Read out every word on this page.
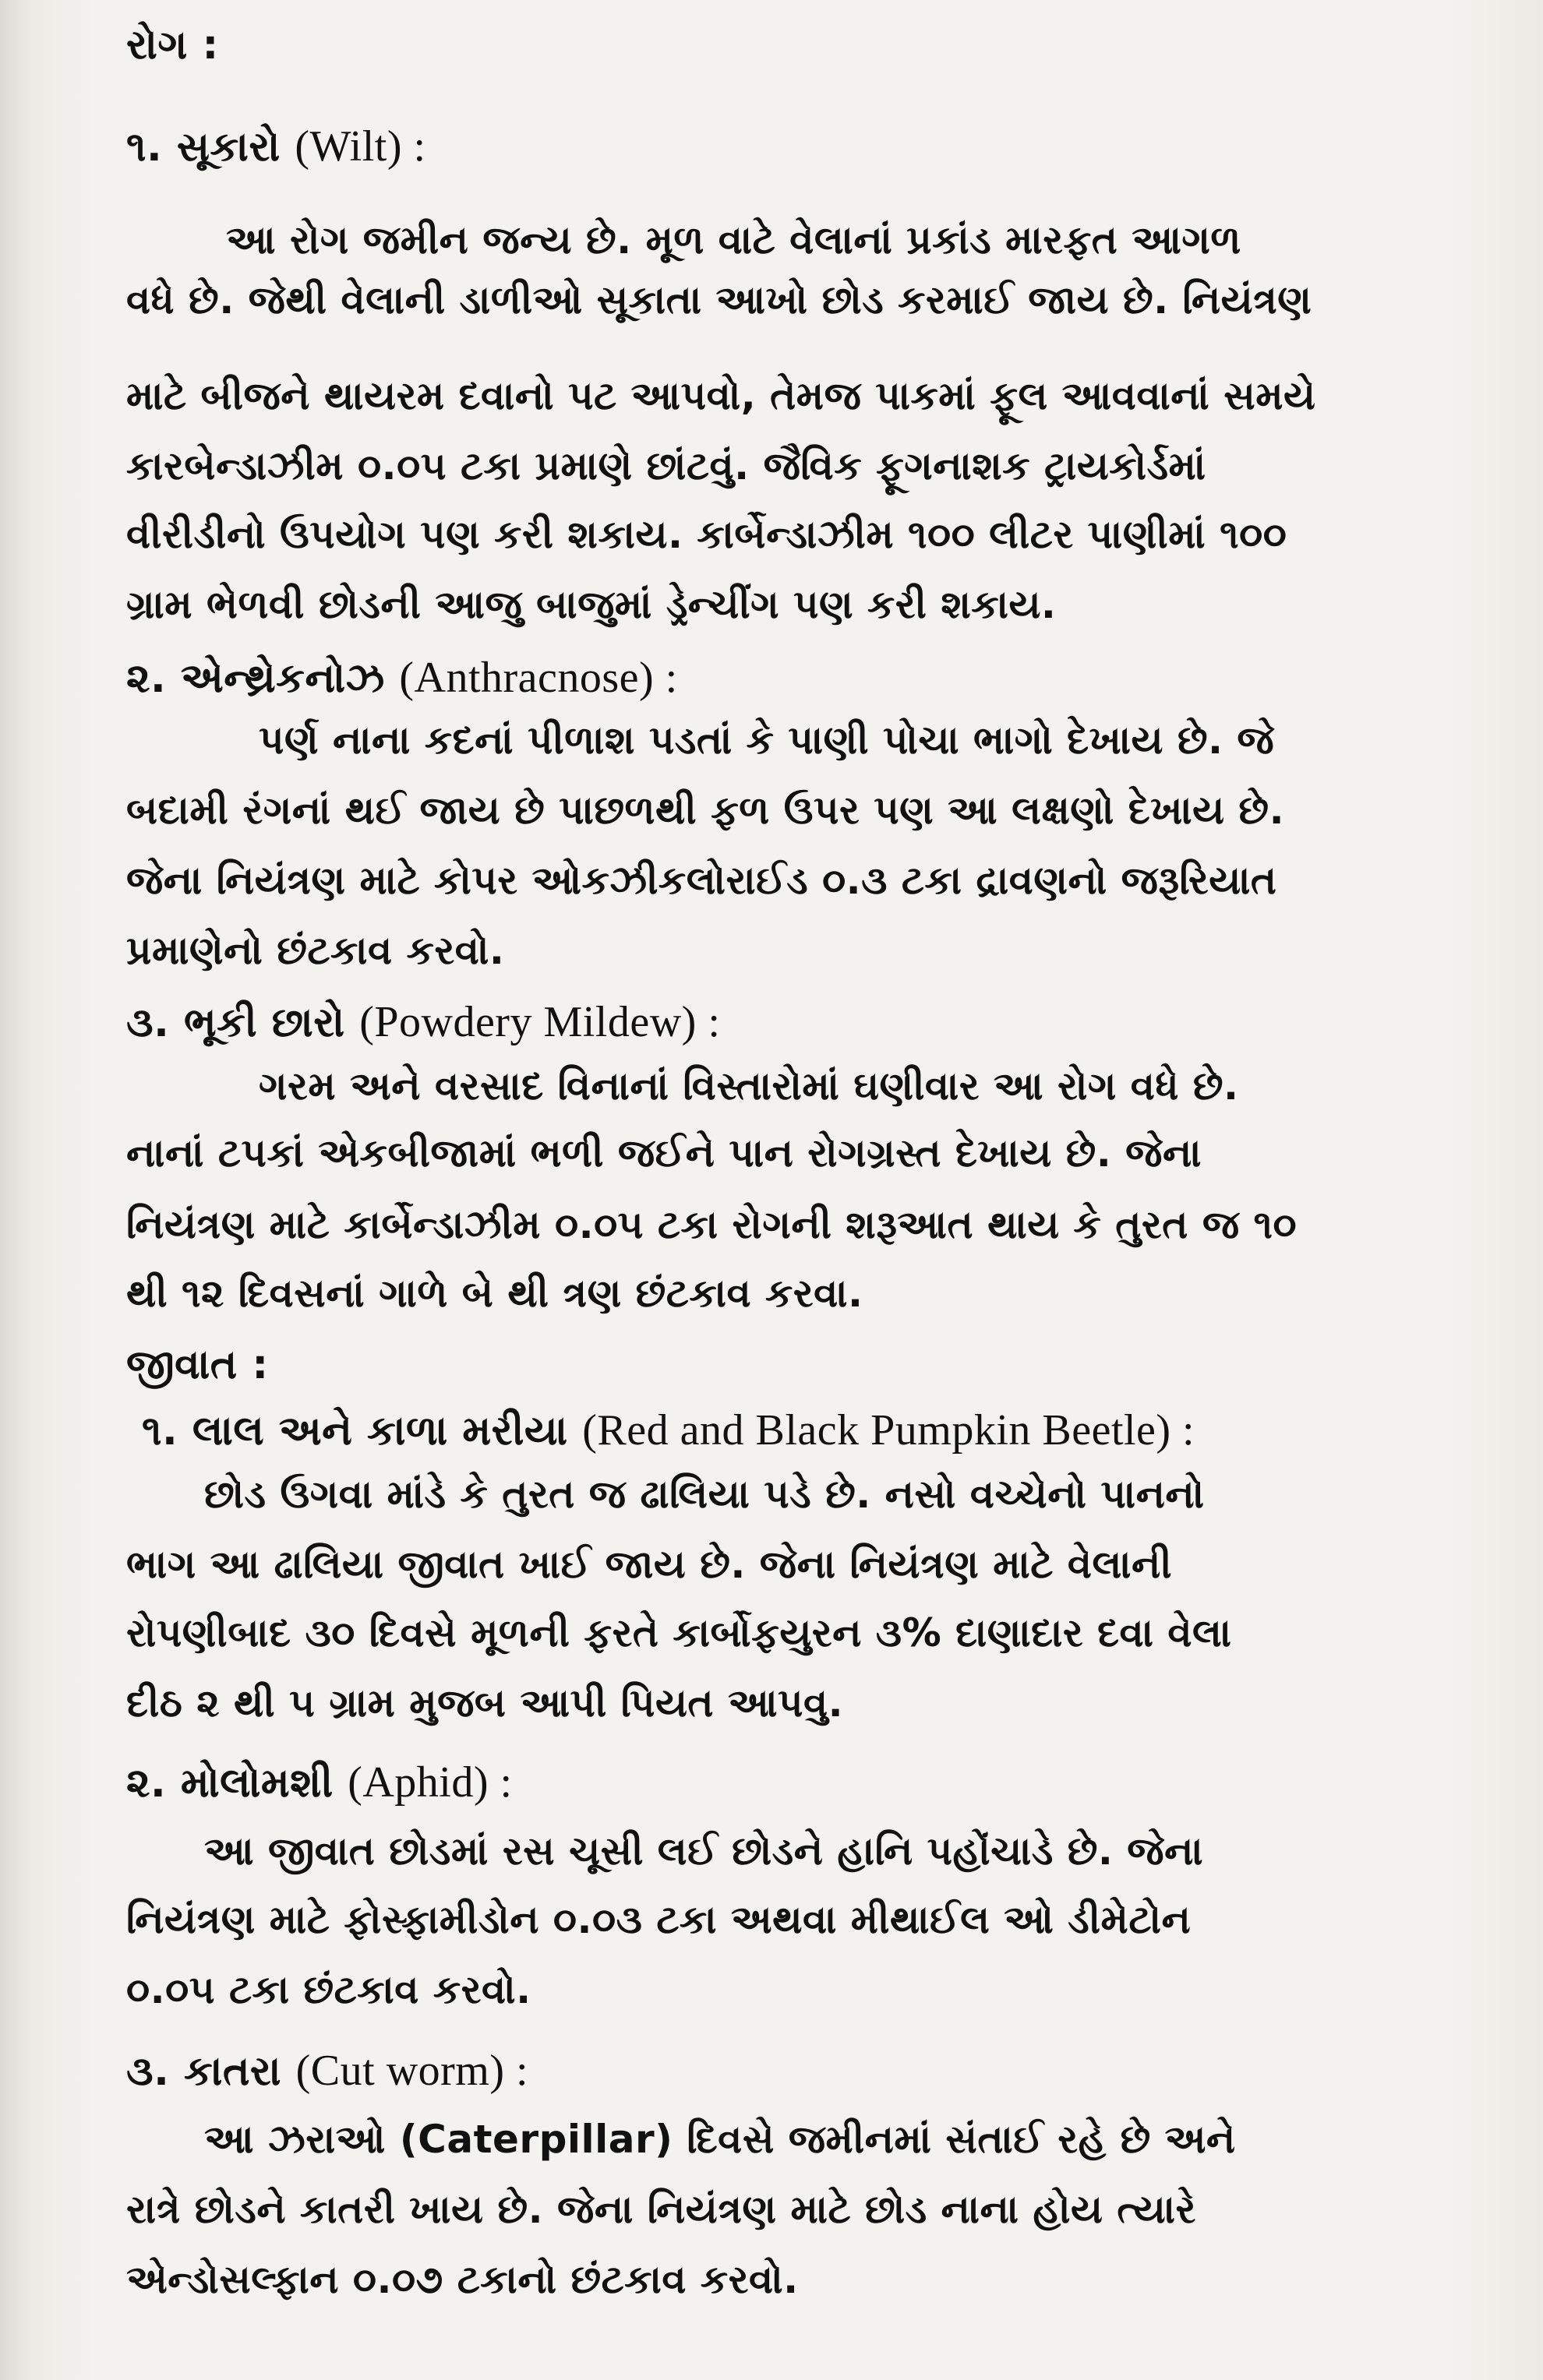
રોગ :
૧. સૂકારો (Wilt) :
આ રોગ જમીન જન્ય છે. મૂળ વાટે વેલાનાં પ્રકાંડ મારફત આગળ
વધે છે. જેથી વેલાની ડાળીઓ સૂકાતા આખો છોડ કરમાઈ જાય છે. નિયંત્રણ
માટે બીજને થાયરમ દવાનો પટ આપવો, તેમજ પાકમાં ફૂલ આવવાનાં સમયે
કારબેન્ડાઝીમ ૦.૦૫ ટકા પ્રમાણે છાંટવું. જૈવિક ફૂગનાશક ટ્રાયકોર્ડમાં
વીરીડીનો ઉપયોગ પણ કરી શકાય. કાર્બેન્ડાઝીમ ૧૦૦ લીટર પાણીમાં ૧૦૦
ગ્રામ ભેળવી છોડની આજુ બાજુમાં ડ્રેન્ચીંગ પણ કરી શકાય.
૨. એન્થ્રેકનોઝ (Anthracnose) :
પર્ણ નાના કદનાં પીળાશ પડતાં કે પાણી પોચા ભાગો દેખાય છે. જે
બદામી રંગનાં થઈ જાય છે પાછળથી ફળ ઉપર પણ આ લક્ષણો દેખાય છે.
જેના નિયંત્રણ માટે કોપર ઓકઝીકલોરાઈડ ૦.૩ ટકા દ્રાવણનો જરૂરિયાત
પ્રમાણેનો છંટકાવ કરવો.
૩. ભૂકી છારો (Powdery Mildew) :
ગરમ અને વરસાદ વિનાનાં વિસ્તારોમાં ઘણીવાર આ રોગ વધે છે.
નાનાં ટપકાં એકબીજામાં ભળી જઈને પાન રોગગ્રસ્ત દેખાય છે. જેના
નિયંત્રણ માટે કાર્બેન્ડાઝીમ ૦.૦૫ ટકા રોગની શરૂઆત થાય કે તુરત જ ૧૦
થી ૧૨ દિવસનાં ગાળે બે થી ત્રણ છંટકાવ કરવા.
જીવાત :
૧. લાલ અને કાળા મરીયા (Red and Black Pumpkin Beetle) :
છોડ ઉગવા માંડે કે તુરત જ ઢાલિયા પડે છે. નસો વચ્ચેનો પાનનો
ભાગ આ ઢાલિયા જીવાત ખાઈ જાય છે. જેના નિયંત્રણ માટે વેલાની
રોપણીબાદ ૩૦ દિવસે મૂળની ફરતે કાર્બોફયુરન ૩% દાણાદાર દવા વેલા
દીઠ ૨ થી ૫ ગ્રામ મુજબ આપી પિયત આપવુ.
૨. મોલોમશી (Aphid) :
આ જીવાત છોડમાં રસ ચૂસી લઈ છોડને હાનિ પહોંચાડે છે. જેના
નિયંત્રણ માટે ફોસ્ફામીડોન ૦.૦૩ ટકા અથવા મીથાઈલ ઓ ડીમેટોન
૦.૦૫ ટકા છંટકાવ કરવો.
૩. કાતરા (Cut worm) :
આ ઝરાઓ (Caterpillar) દિવસે જમીનમાં સંતાઈ રહે છે અને
રાત્રે છોડને કાતરી ખાય છે. જેના નિયંત્રણ માટે છોડ નાના હોય ત્યારે
એન્ડોસલ્ફાન ૦.૦૭ ટકાનો છંટકાવ કરવો.
